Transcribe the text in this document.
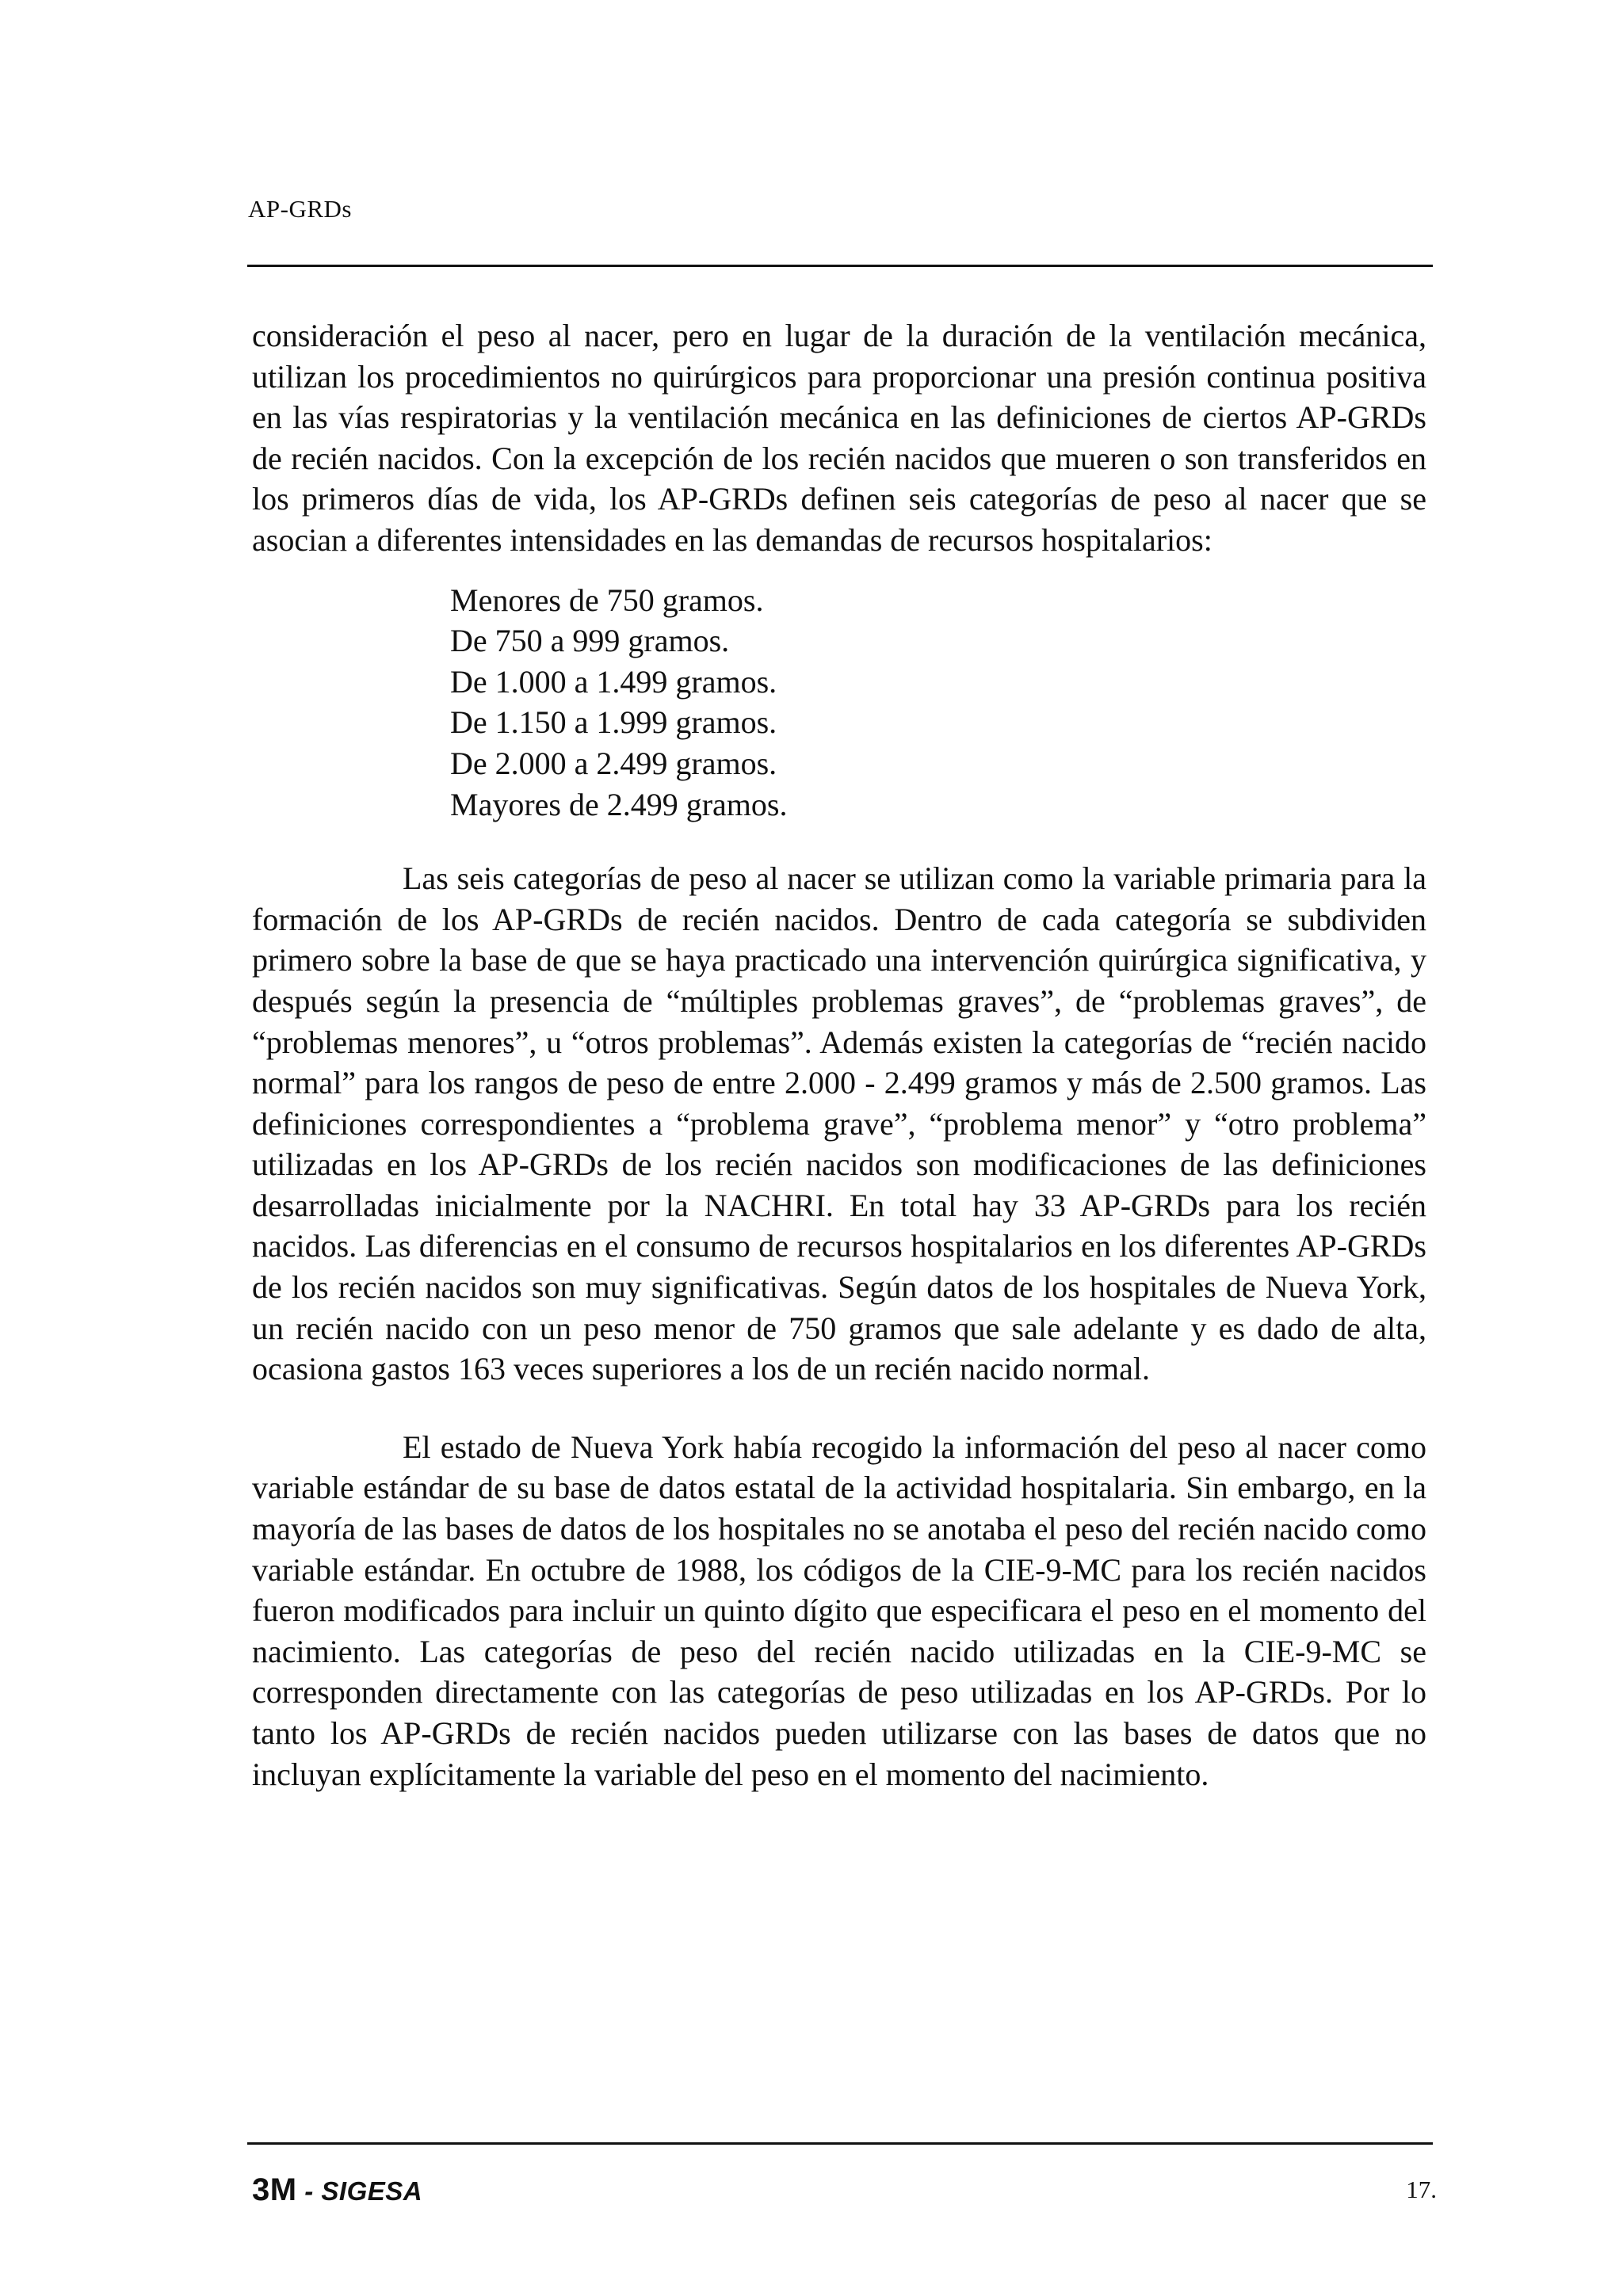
AP-GRDs

consideración el peso al nacer, pero en lugar de la duración de la ventilación mecánica, utilizan los procedimientos no quirúrgicos para proporcionar una presión continua positiva en las vías respiratorias y la ventilación mecánica en las definiciones de ciertos AP-GRDs de recién nacidos. Con la excepción de los recién nacidos que mueren o son transferidos en los primeros días de vida, los AP-GRDs definen seis categorías de peso al nacer que se asocian a diferentes intensidades en las demandas de recursos hospitalarios:

Menores de 750 gramos.
De 750 a 999 gramos.
De 1.000 a 1.499 gramos.
De 1.150 a 1.999 gramos.
De 2.000 a 2.499 gramos.
Mayores de 2.499 gramos.

Las seis categorías de peso al nacer se utilizan como la variable primaria para la formación de los AP-GRDs de recién nacidos. Dentro de cada categoría se subdividen primero sobre la base de que se haya practicado una intervención quirúrgica significativa, y después según la presencia de “múltiples problemas graves”, de “problemas graves”, de “problemas menores”, u “otros problemas”. Además existen la categorías de “recién nacido normal” para los rangos de peso de entre 2.000 - 2.499 gramos y más de 2.500 gramos. Las definiciones correspondientes a “problema grave”, “problema menor” y “otro problema” utilizadas en los AP-GRDs de los recién nacidos son modificaciones de las definiciones desarrolladas inicialmente por la NACHRI. En total hay 33 AP-GRDs para los recién nacidos. Las diferencias en el consumo de recursos hospitalarios en los diferentes AP-GRDs de los recién nacidos son muy significativas. Según datos de los hospitales de Nueva York, un recién nacido con un peso menor de 750 gramos que sale adelante y es dado de alta, ocasiona gastos 163 veces superiores a los de un recién nacido normal.

El estado de Nueva York había recogido la información del peso al nacer como variable estándar de su base de datos estatal de la actividad hospitalaria. Sin embargo, en la mayoría de las bases de datos de los hospitales no se anotaba el peso del recién nacido como variable estándar. En octubre de 1988, los códigos de la CIE-9-MC para los recién nacidos fueron modificados para incluir un quinto dígito que especificara el peso en el momento del nacimiento. Las categorías de peso del recién nacido utilizadas en la CIE-9-MC se corresponden directamente con las categorías de peso utilizadas en los AP-GRDs. Por lo tanto los AP-GRDs de recién nacidos pueden utilizarse con las bases de datos que no incluyan explícitamente la variable del peso en el momento del nacimiento.

3M - SIGESA	17.
